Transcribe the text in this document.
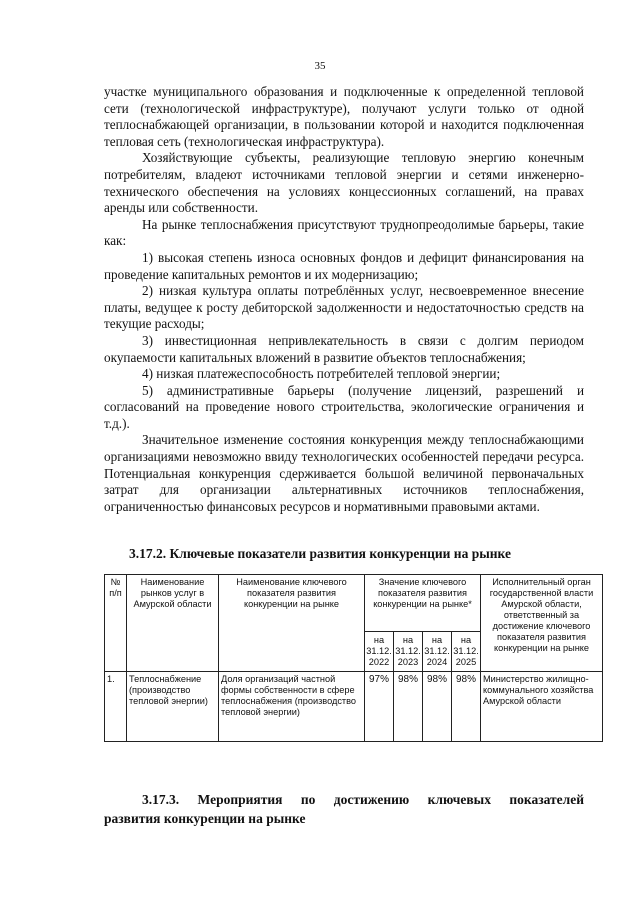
35

участке муниципального образования и подключенные к определенной тепловой сети (технологической инфраструктуре), получают услуги только от одной теплоснабжающей организации, в пользовании которой и находится подключенная тепловая сеть (технологическая инфраструктура).

Хозяйствующие субъекты, реализующие тепловую энергию конечным потребителям, владеют источниками тепловой энергии и сетями инженерно-технического обеспечения на условиях концессионных соглашений, на правах аренды или собственности.

На рынке теплоснабжения присутствуют труднопреодолимые барьеры, такие как:

1) высокая степень износа основных фондов и дефицит финансирования на проведение капитальных ремонтов и их модернизацию;

2) низкая культура оплаты потреблённых услуг, несвоевременное внесение платы, ведущее к росту дебиторской задолженности и недостаточностью средств на текущие расходы;

3) инвестиционная непривлекательность в связи с долгим периодом окупаемости капитальных вложений в развитие объектов теплоснабжения;

4) низкая платежеспособность потребителей тепловой энергии;

5) административные барьеры (получение лицензий, разрешений и согласований на проведение нового строительства, экологические ограничения и т.д.).

Значительное изменение состояния конкуренция между теплоснабжающими организациями невозможно ввиду технологических особенностей передачи ресурса. Потенциальная конкуренция сдерживается большой величиной первоначальных затрат для организации альтернативных источников теплоснабжения, ограниченностью финансовых ресурсов и нормативными правовыми актами.

3.17.2. Ключевые показатели развития конкуренции на рынке
№ п/п	Наименование рынков услуг в Амурской области	Наименование ключевого показателя развития конкуренции на рынке	Значение ключевого показателя развития конкуренции на рынке*				Исполнительный орган государственной власти Амурской области, ответственный за достижение ключевого показателя развития конкуренции на рынке
			на 31.12. 2022	на 31.12. 2023	на 31.12. 2024	на 31.12. 2025	
1.	Теплоснабжение (производство тепловой энергии)	Доля организаций частной формы собственности в сфере теплоснабжения (производство тепловой энергии)	97%	98%	98%	98%	Министерство жилищно-коммунального хозяйства Амурской области
3.17.3. Мероприятия по достижению ключевых показателей
развития конкуренции на рынке
